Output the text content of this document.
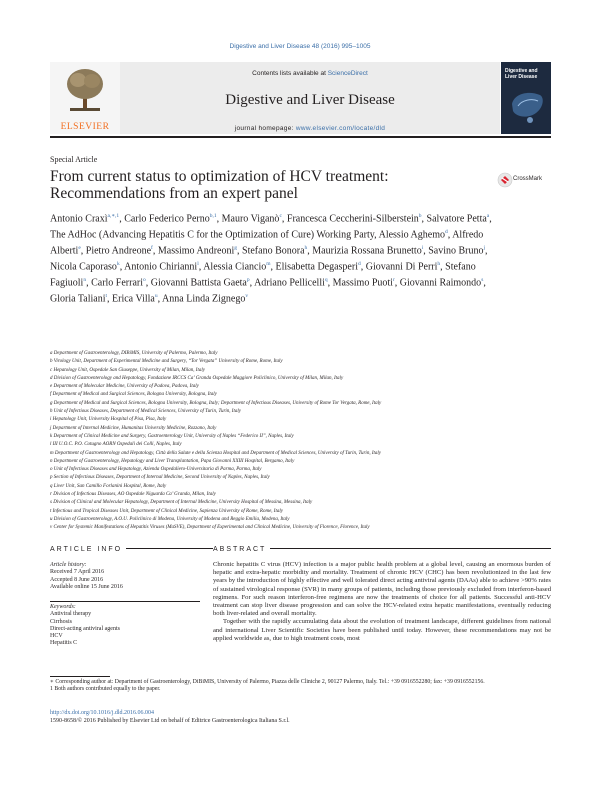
Digestive and Liver Disease 48 (2016) 995–1005
ELSEVIER
Contents lists available at ScienceDirect
Digestive and Liver Disease
journal homepage: www.elsevier.com/locate/dld
Digestive and Liver Disease
Special Article
From current status to optimization of HCV treatment: Recommendations from an expert panel
CrossMark
Antonio Craxì$^{a,∗,1}$, Carlo Federico Perno$^{b,1}$, Mauro Viganò$^c$, Francesca Ceccherini-Silberstein$^b$, Salvatore Petta$^a$, The AdHoc (Advancing Hepatitis C for the Optimization of Cure) Working Party, Alessio Aghemo$^d$, Alfredo Alberti$^e$, Pietro Andreone$^f$, Massimo Andreoni$^g$, Stefano Bonora$^h$, Maurizia Rossana Brunetto$^i$, Savino Bruno$^j$, Nicola Caporaso$^k$, Antonio Chirianni$^l$, Alessia Ciancio$^m$, Elisabetta Degasperi$^d$, Giovanni Di Perri$^h$, Stefano Fagiuoli$^n$, Carlo Ferrari$^o$, Giovanni Battista Gaeta$^p$, Adriano Pellicelli$^q$, Massimo Puoti$^r$, Giovanni Raimondo$^s$, Gloria Taliani$^t$, Erica Villa$^u$, Anna Linda Zignego$^v$
a Department of Gastroenterology, DIBiMIS, University of Palermo, Palermo, Italy
b Virology Unit, Department of Experimental Medicine and Surgery, “Tor Vergata” University of Rome, Rome, Italy
c Hepatology Unit, Ospedale San Giuseppe, University of Milan, Milan, Italy
d Division of Gastroenterology and Hepatology, Fondazione IRCCS Ca’ Granda Ospedale Maggiore Policlinico, University of Milan, Milan, Italy
e Department of Molecular Medicine, University of Padova, Padova, Italy
f Department of Medical and Surgical Sciences, Bologna University, Bologna, Italy
g Department of Medical and Surgical Sciences, Bologna University, Bologna, Italy; Department of Infectious Diseases, University of Rome Tor Vergata, Rome, Italy
h Unit of Infectious Diseases, Department of Medical Sciences, University of Turin, Turin, Italy
i Hepatology Unit, University Hospital of Pisa, Pisa, Italy
j Department of Internal Medicine, Humanitas University Medicine, Rozzano, Italy
k Department of Clinical Medicine and Surgery, Gastroenterology Unit, University of Naples “Federico II”, Naples, Italy
l III U.O.C. P.O. Cotugno AORN Ospedali dei Colli, Naples, Italy
m Department of Gastroenterology and Hepatology, Città della Salute e della Scienza Hospital and Department of Medical Sciences, University of Turin, Turin, Italy
n Department of Gastroenterology, Hepatology and Liver Transplantation, Papa Giovanni XXIII Hospital, Bergamo, Italy
o Unit of Infectious Diseases and Hepatology, Azienda Ospedaliero-Universitaria di Parma, Parma, Italy
p Section of Infectious Diseases, Department of Internal Medicine, Second University of Naples, Naples, Italy
q Liver Unit, San Camillo Forlanini Hospital, Rome, Italy
r Division of Infectious Diseases, AO Ospedale Niguarda Ca’ Granda, Milan, Italy
s Division of Clinical and Molecular Hepatology, Department of Internal Medicine, University Hospital of Messina, Messina, Italy
t Infectious and Tropical Diseases Unit, Department of Clinical Medicine, Sapienza University of Rome, Rome, Italy
u Division of Gastroenterology, A.O.U. Policlinico di Modena, University of Modena and Reggio Emilia, Modena, Italy
v Center for Systemic Manifestations of Hepatitis Viruses (MaSVE), Department of Experimental and Clinical Medicine, University of Florence, Florence, Italy
ARTICLE INFO	ABSTRACT
Article history:
Received 7 April 2016
Accepted 8 June 2016
Available online 15 June 2016
Keywords:
Antiviral therapy
Cirrhosis
Direct-acting antiviral agents
HCV
Hepatitis C

Chronic hepatitis C virus (HCV) infection is a major public health problem at a global level, causing an enormous burden of hepatic and extra-hepatic morbidity and mortality. Treatment of chronic HCV (CHC) has been revolutionized in the last few years by the introduction of highly effective and well tolerated direct acting antiviral agents (DAAs) able to achieve >90% rates of sustained virological response (SVR) in many groups of patients, including those previously excluded from interferon-based regimens. For such reason interferon-free regimens are now the treatments of choice for all patients. Successful anti-HCV treatment can stop liver disease progression and can solve the HCV-related extra hepatic manifestations, eventually reducing both liver-related and overall mortality.

Together with the rapidly accumulating data about the evolution of treatment landscape, different guidelines from national and international Liver Scientific Societies have been published until today. However, these recommendations may not be applied worldwide as, due to high treatment costs, most

∗ Corresponding author at: Department of Gastroenterology, DiBiMIS, University of Palermo, Piazza delle Cliniche 2, 90127 Palermo, Italy. Tel.: +39 0916552280; fax: +39 0916552156.
1 Both authors contributed equally to the paper.
http://dx.doi.org/10.1016/j.dld.2016.06.004
1590-8658/© 2016 Published by Elsevier Ltd on behalf of Editrice Gastroenterologica Italiana S.r.l.
